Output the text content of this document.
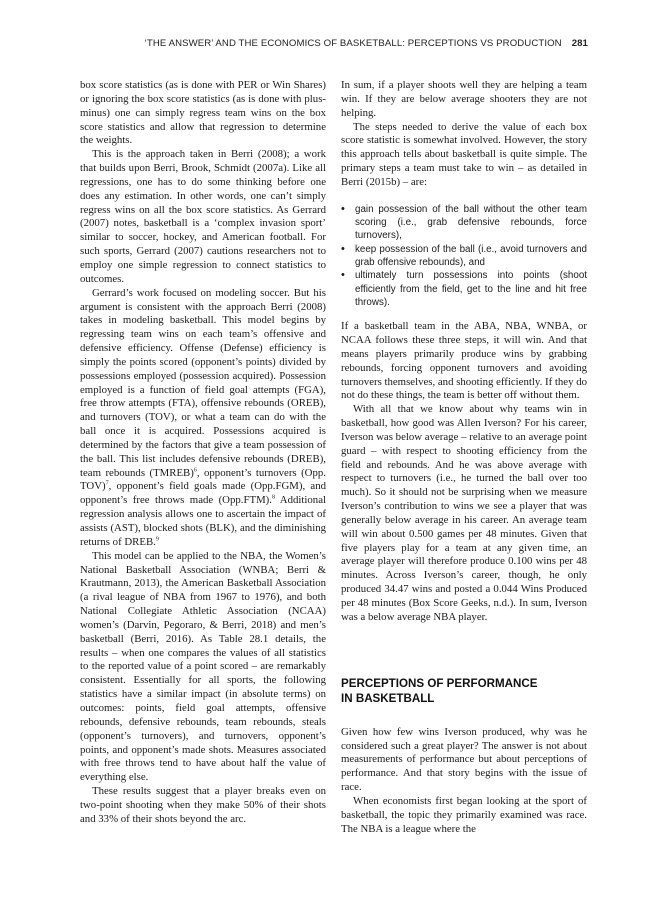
‘THE ANSWER’ AND THE ECONOMICS OF BASKETBALL: PERCEPTIONS VS PRODUCTION 281

box score statistics (as is done with PER or Win Shares) or ignoring the box score statistics (as is done with plus-minus) one can simply regress team wins on the box score statistics and allow that regression to determine the weights.

This is the approach taken in Berri (2008); a work that builds upon Berri, Brook, Schmidt (2007a). Like all regressions, one has to do some thinking before one does any estimation. In other words, one can’t simply regress wins on all the box score statistics. As Gerrard (2007) notes, basketball is a ‘complex invasion sport’ similar to soccer, hockey, and American football. For such sports, Gerrard (2007) cautions researchers not to employ one simple regression to connect statistics to outcomes.

Gerrard’s work focused on modeling soccer. But his argument is consistent with the approach Berri (2008) takes in modeling basketball. This model begins by regressing team wins on each team’s offensive and defensive efficiency. Offense (Defense) efficiency is simply the points scored (opponent’s points) divided by possessions employed (possession acquired). Possession employed is a function of field goal attempts (FGA), free throw attempts (FTA), offensive rebounds (OREB), and turnovers (TOV), or what a team can do with the ball once it is acquired. Possessions acquired is determined by the factors that give a team possession of the ball. This list includes defensive rebounds (DREB), team rebounds (TMREB)$^6$, opponent’s turnovers (Opp. TOV)$^7$, opponent’s field goals made (Opp.FGM), and opponent’s free throws made (Opp.FTM).$^8$ Additional regression analysis allows one to ascertain the impact of assists (AST), blocked shots (BLK), and the diminishing returns of DREB.$^9$

This model can be applied to the NBA, the Women’s National Basketball Association (WNBA; Berri & Krautmann, 2013), the American Basketball Association (a rival league of NBA from 1967 to 1976), and both National Collegiate Athletic Association (NCAA) women’s (Darvin, Pegoraro, & Berri, 2018) and men’s basketball (Berri, 2016). As Table 28.1 details, the results – when one compares the values of all statistics to the reported value of a point scored – are remarkably consistent. Essentially for all sports, the following statistics have a similar impact (in absolute terms) on outcomes: points, field goal attempts, offensive rebounds, defensive rebounds, team rebounds, steals (opponent’s turnovers), and turnovers, opponent’s points, and opponent’s made shots. Measures associated with free throws tend to have about half the value of everything else.

These results suggest that a player breaks even on two-point shooting when they make 50% of their shots and 33% of their shots beyond the arc.

In sum, if a player shoots well they are helping a team win. If they are below average shooters they are not helping.

The steps needed to derive the value of each box score statistic is somewhat involved. However, the story this approach tells about basketball is quite simple. The primary steps a team must take to win – as detailed in Berri (2015b) – are:

• gain possession of the ball without the other team scoring (i.e., grab defensive rebounds, force turnovers),
• keep possession of the ball (i.e., avoid turnovers and grab offensive rebounds), and
• ultimately turn possessions into points (shoot efficiently from the field, get to the line and hit free throws).

If a basketball team in the ABA, NBA, WNBA, or NCAA follows these three steps, it will win. And that means players primarily produce wins by grabbing rebounds, forcing opponent turnovers and avoiding turnovers themselves, and shooting efficiently. If they do not do these things, the team is better off without them.

With all that we know about why teams win in basketball, how good was Allen Iverson? For his career, Iverson was below average – relative to an average point guard – with respect to shooting efficiency from the field and rebounds. And he was above average with respect to turnovers (i.e., he turned the ball over too much). So it should not be surprising when we measure Iverson’s contribution to wins we see a player that was generally below average in his career. An average team will win about 0.500 games per 48 minutes. Given that five players play for a team at any given time, an average player will therefore produce 0.100 wins per 48 minutes. Across Iverson’s career, though, he only produced 34.47 wins and posted a 0.044 Wins Produced per 48 minutes (Box Score Geeks, n.d.). In sum, Iverson was a below average NBA player.

PERCEPTIONS OF PERFORMANCE
IN BASKETBALL

Given how few wins Iverson produced, why was he considered such a great player? The answer is not about measurements of performance but about perceptions of performance. And that story begins with the issue of race.

When economists first began looking at the sport of basketball, the topic they primarily examined was race. The NBA is a league where the
